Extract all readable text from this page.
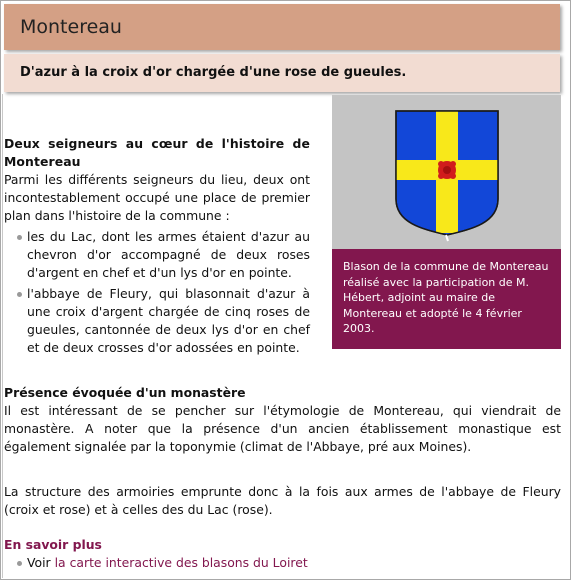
Montereau

D'azur à la croix d'or chargée d'une rose de gueules.

Blason de la commune de Montereau réalisé avec la participation de M. Hébert, adjoint au maire de Montereau et adopté le 4 février 2003.

Deux seigneurs au cœur de l'histoire de Montereau

Parmi les différents seigneurs du lieu, deux ont incontestablement occupé une place de premier plan dans l'histoire de la commune :

les du Lac, dont les armes étaient d'azur au chevron d'or accompagné de deux roses d'argent en chef et d'un lys d'or en pointe.
l'abbaye de Fleury, qui blasonnait d'azur à une croix d'argent chargée de cinq roses de gueules, cantonnée de deux lys d'or en chef et de deux crosses d'or adossées en pointe.

Présence évoquée d'un monastère

Il est intéressant de se pencher sur l'étymologie de Montereau, qui viendrait de monastère. A noter que la présence d'un ancien établissement monastique est également signalée par la toponymie (climat de l'Abbaye, pré aux Moines).

La structure des armoiries emprunte donc à la fois aux armes de l'abbaye de Fleury (croix et rose) et à celles des du Lac (rose).

En savoir plus

Voir la carte interactive des blasons du Loiret
